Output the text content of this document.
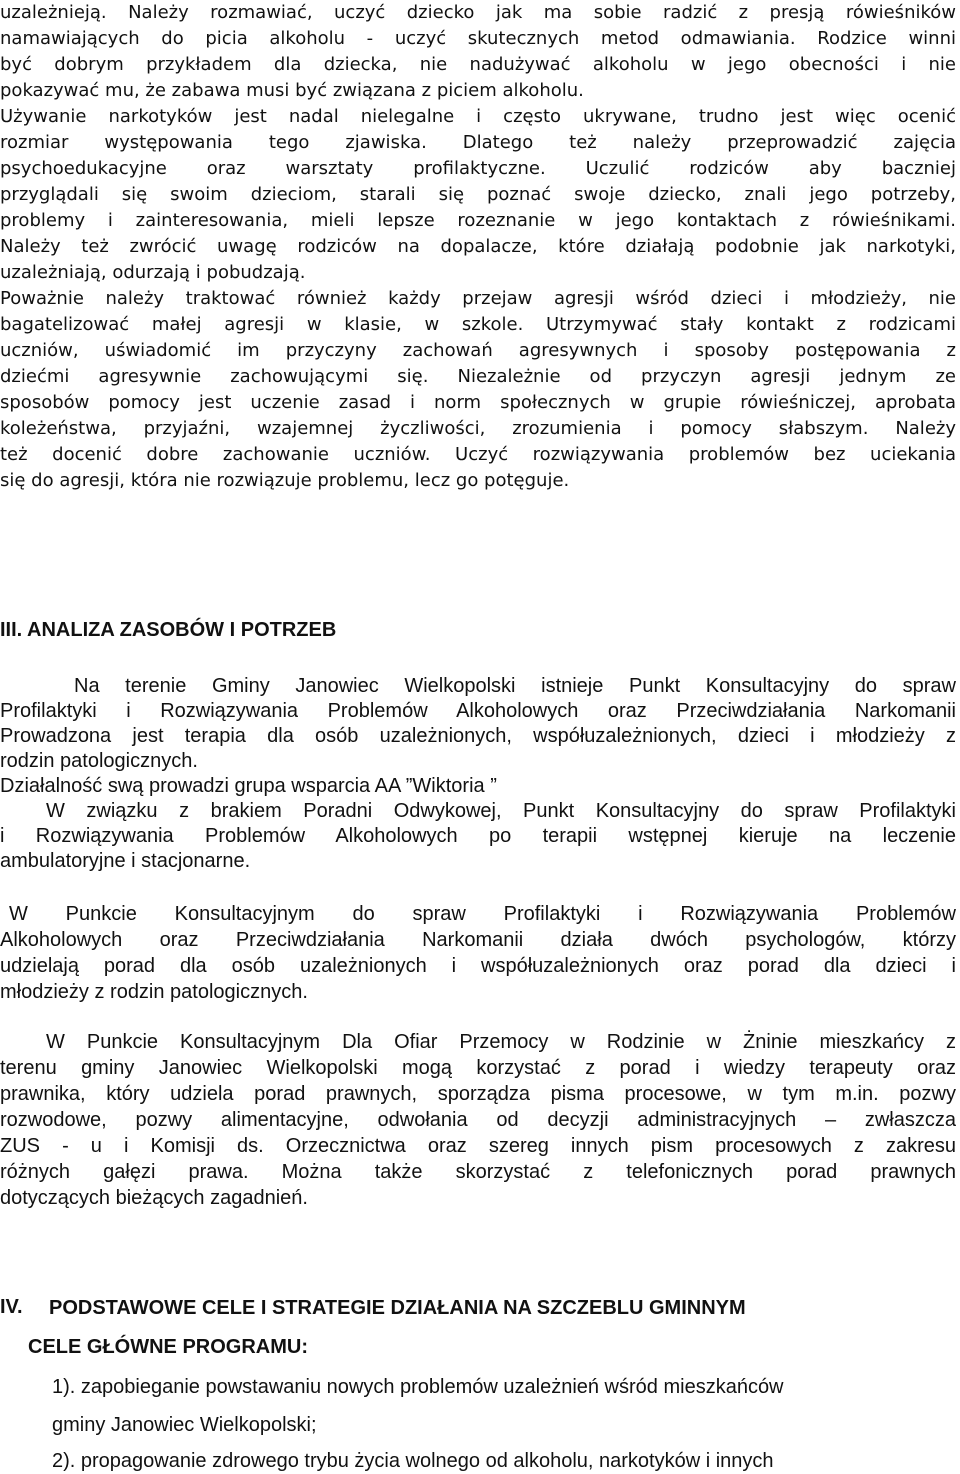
uzależnieją. Należy rozmawiać, uczyć dziecko jak ma sobie radzić z presją rówieśników
namawiających do picia alkoholu - uczyć skutecznych metod odmawiania. Rodzice winni
być dobrym przykładem dla dziecka, nie nadużywać alkoholu w jego obecności i nie
pokazywać mu, że zabawa musi być związana z piciem alkoholu.
Używanie narkotyków jest nadal nielegalne i często ukrywane, trudno jest więc ocenić
rozmiar występowania tego zjawiska. Dlatego też należy przeprowadzić zajęcia
psychoedukacyjne oraz warsztaty profilaktyczne. Uczulić rodziców aby baczniej
przyglądali się swoim dzieciom, starali się poznać swoje dziecko, znali jego potrzeby,
problemy i zainteresowania, mieli lepsze rozeznanie w jego kontaktach z rówieśnikami.
Należy też zwrócić uwagę rodziców na dopalacze, które działają podobnie jak narkotyki,
uzależniają, odurzają i pobudzają.
Poważnie należy traktować również każdy przejaw agresji wśród dzieci i młodzieży, nie
bagatelizować małej agresji w klasie, w szkole. Utrzymywać stały kontakt z rodzicami
uczniów, uświadomić im przyczyny zachowań agresywnych i sposoby postępowania z
dziećmi agresywnie zachowującymi się. Niezależnie od przyczyn agresji jednym ze
sposobów pomocy jest uczenie zasad i norm społecznych w grupie rówieśniczej, aprobata
koleżeństwa, przyjaźni, wzajemnej życzliwości, zrozumienia i pomocy słabszym. Należy
też docenić dobre zachowanie uczniów. Uczyć rozwiązywania problemów bez uciekania
się do agresji, która nie rozwiązuje problemu, lecz go potęguje.
III. ANALIZA ZASOBÓW I POTRZEB
Na terenie Gminy Janowiec Wielkopolski istnieje Punkt Konsultacyjny do spraw
Profilaktyki i Rozwiązywania Problemów Alkoholowych oraz Przeciwdziałania Narkomanii
Prowadzona jest terapia dla osób uzależnionych, współuzależnionych, dzieci i młodzieży z
rodzin patologicznych.
Działalność swą prowadzi grupa wsparcia AA ”Wiktoria ”
W związku z brakiem Poradni Odwykowej, Punkt Konsultacyjny do spraw Profilaktyki
i Rozwiązywania Problemów Alkoholowych po terapii wstępnej kieruje na leczenie
ambulatoryjne i stacjonarne.
W Punkcie Konsultacyjnym do spraw Profilaktyki i Rozwiązywania Problemów
Alkoholowych oraz Przeciwdziałania Narkomanii działa dwóch psychologów, którzy
udzielają porad dla osób uzależnionych i współuzależnionych oraz porad dla dzieci i
młodzieży z rodzin patologicznych.
W Punkcie Konsultacyjnym Dla Ofiar Przemocy w Rodzinie w Żninie mieszkańcy z
terenu gminy Janowiec Wielkopolski mogą korzystać z porad i wiedzy terapeuty oraz
prawnika, który udziela porad prawnych, sporządza pisma procesowe, w tym m.in. pozwy
rozwodowe, pozwy alimentacyjne, odwołania od decyzji administracyjnych – zwłaszcza
ZUS - u i Komisji ds. Orzecznictwa oraz szereg innych pism procesowych z zakresu
różnych gałęzi prawa. Można także skorzystać z telefonicznych porad prawnych
dotyczących bieżących zagadnień.
IV. PODSTAWOWE CELE I STRATEGIE DZIAŁANIA NA SZCZEBLU GMINNYM
CELE GŁÓWNE PROGRAMU:
1). zapobieganie powstawaniu nowych problemów uzależnień wśród mieszkańców
gminy Janowiec Wielkopolski;
2). propagowanie zdrowego trybu życia wolnego od alkoholu, narkotyków i innych
